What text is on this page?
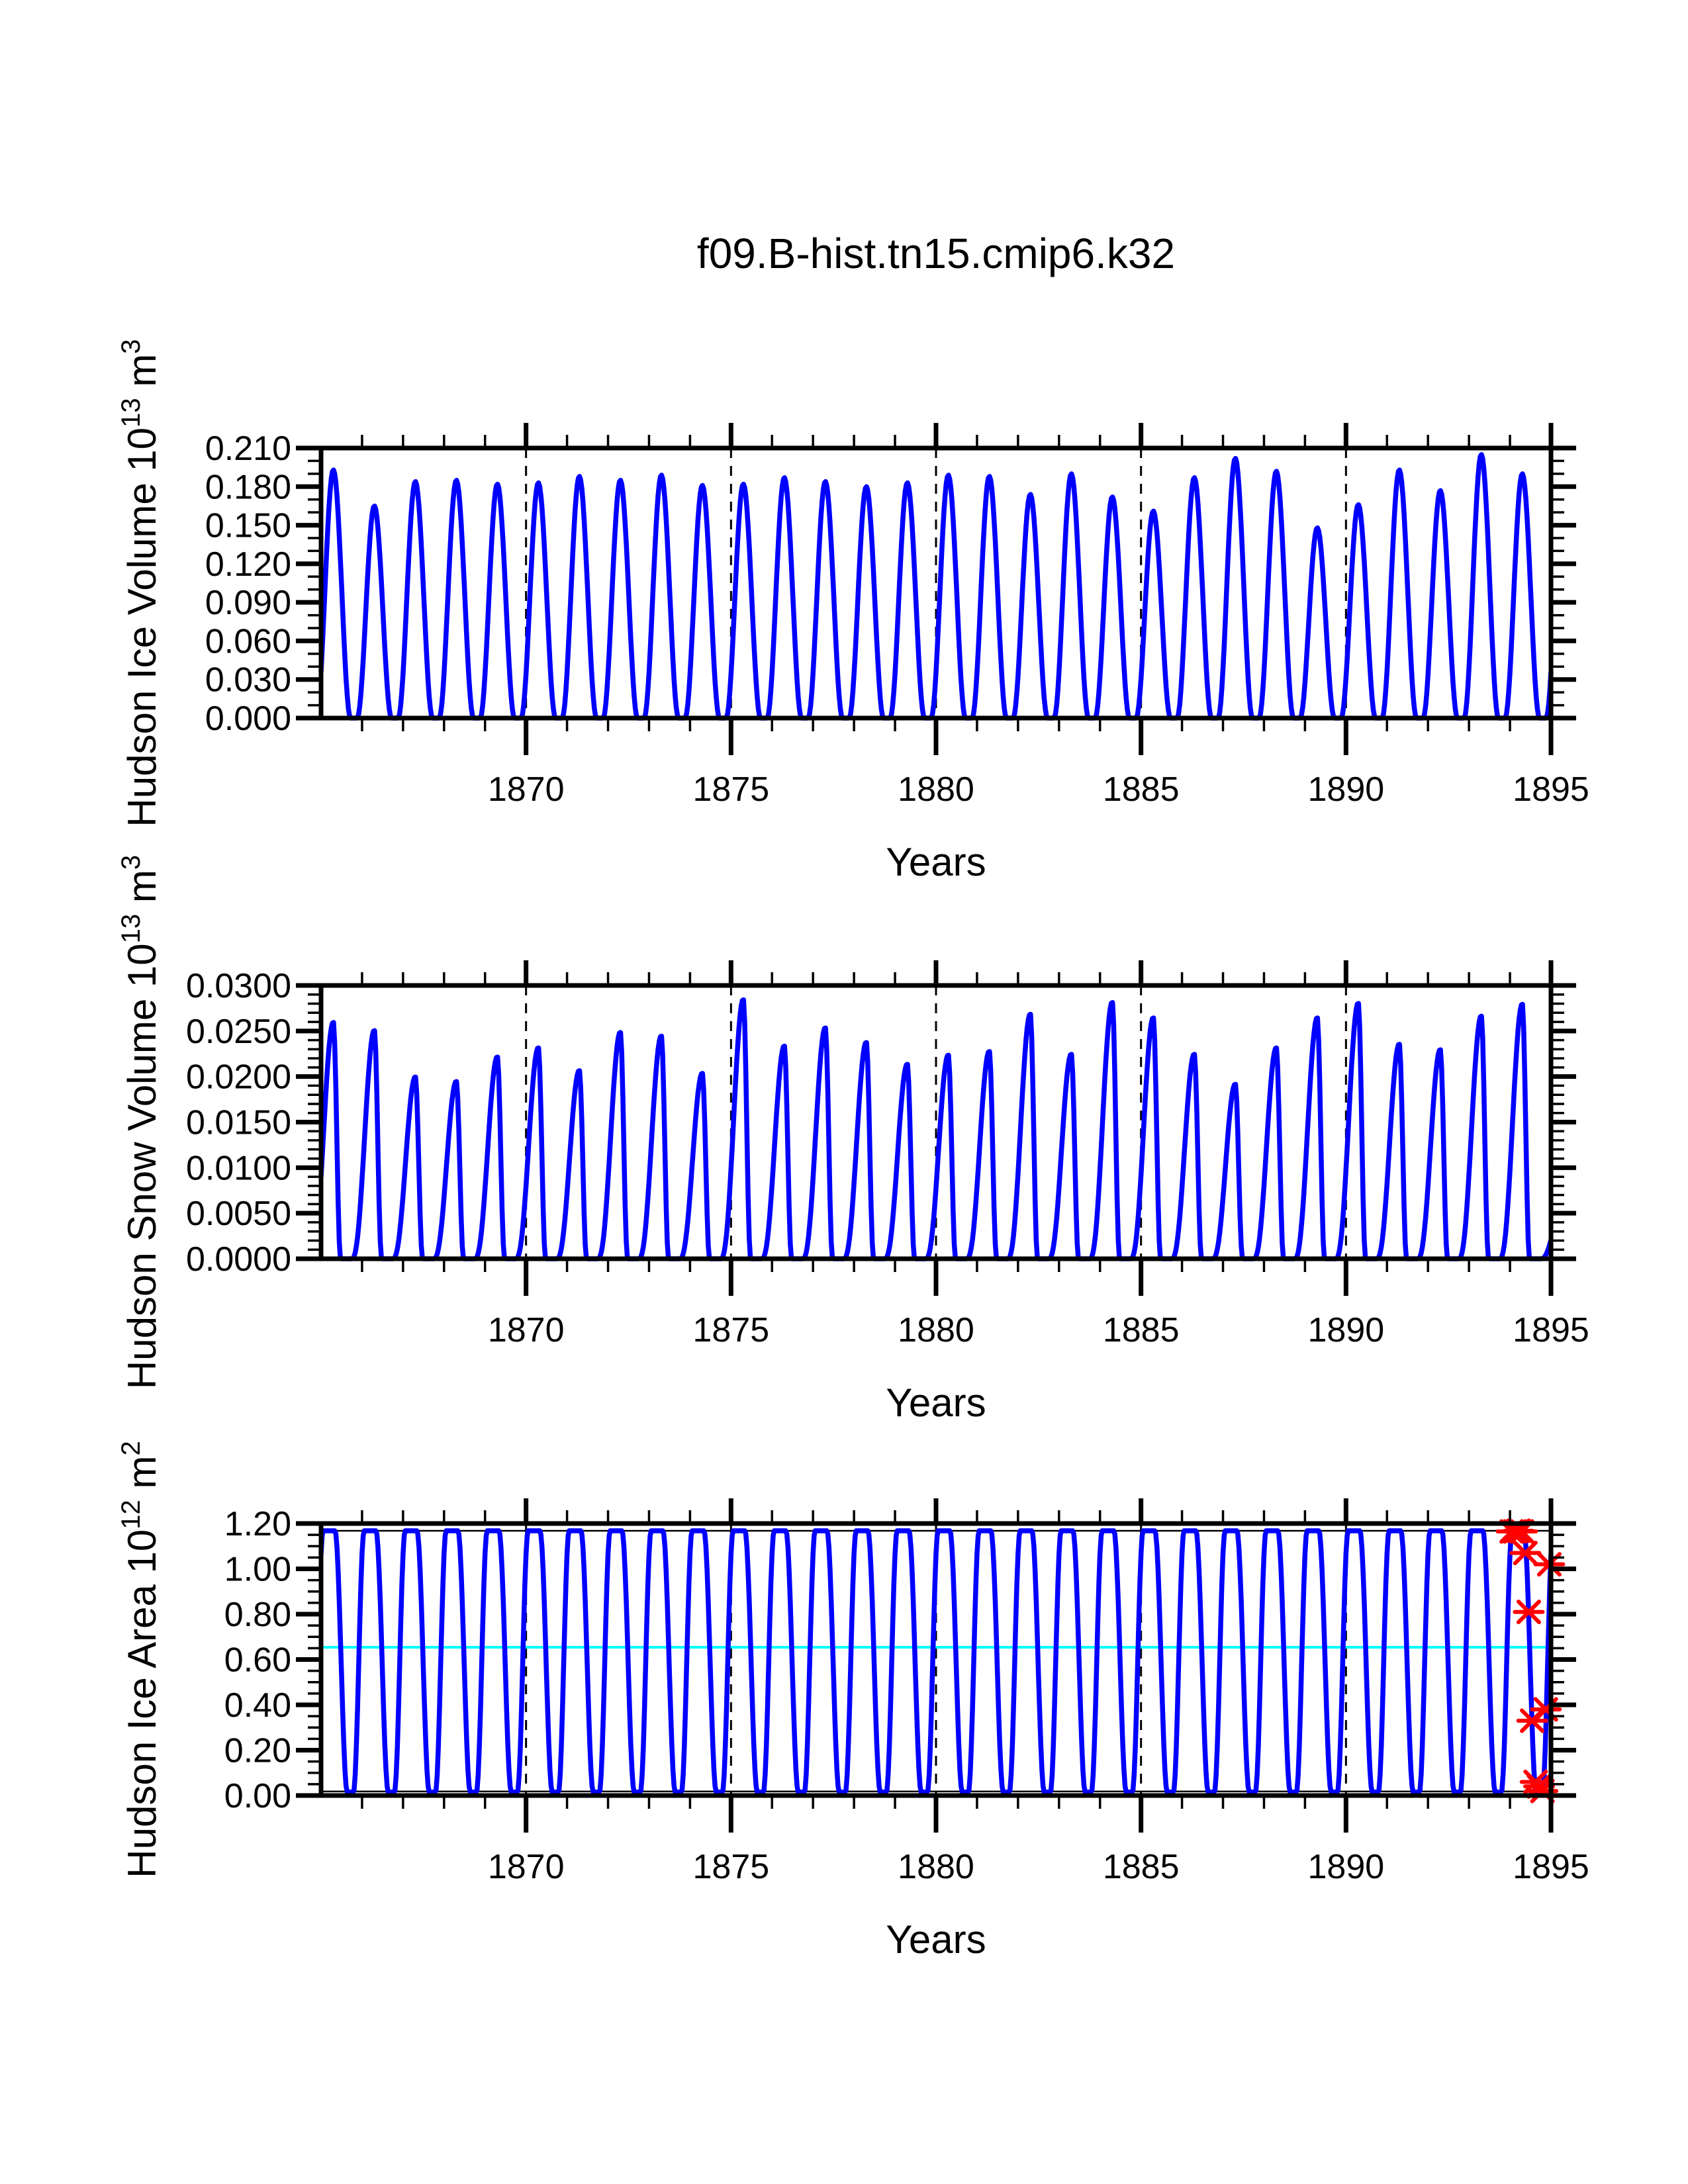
f09.B-hist.tn15.cmip6.k32
0.000
0.030
0.060
0.090
0.120
0.150
0.180
0.210
1870	1875	1880	1885	1890	1895
Years
Hudson Ice Volume $10^{13}$ $m^3$
0.0000
0.0050
0.0100
0.0150
0.0200
0.0250
0.0300
1870	1875	1880	1885	1890	1895
Years
Hudson Snow Volume $10^{13}$ $m^3$
0.00
0.20
0.40
0.60
0.80
1.00
1.20
1870	1875	1880	1885	1890	1895
Years
Hudson Ice Area $10^{12}$ $m^2$
